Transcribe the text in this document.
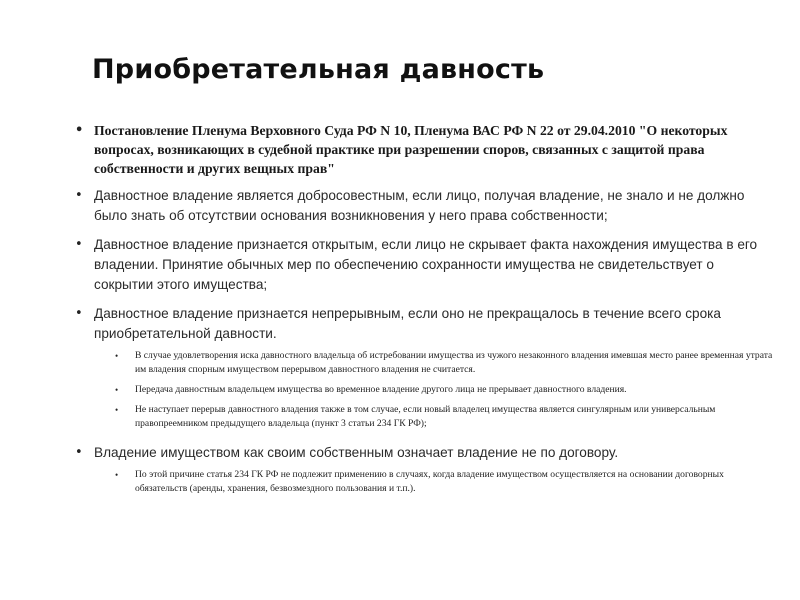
Приобретательная давность
• Постановление Пленума Верховного Суда РФ N 10, Пленума ВАС РФ N 22 от 29.04.2010 "О некоторых вопросах, возникающих в судебной практике при разрешении споров, связанных с защитой права собственности и других вещных прав"
• Давностное владение является добросовестным, если лицо, получая владение, не знало и не должно было знать об отсутствии основания возникновения у него права собственности;
• Давностное владение признается открытым, если лицо не скрывает факта нахождения имущества в его владении. Принятие обычных мер по обеспечению сохранности имущества не свидетельствует о сокрытии этого имущества;
• Давностное владение признается непрерывным, если оно не прекращалось в течение всего срока приобретательной давности.
• В случае удовлетворения иска давностного владельца об истребовании имущества из чужого незаконного владения имевшая место ранее временная утрата им владения спорным имуществом перерывом давностного владения не считается.
• Передача давностным владельцем имущества во временное владение другого лица не прерывает давностного владения.
• Не наступает перерыв давностного владения также в том случае, если новый владелец имущества является сингулярным или универсальным правопреемником предыдущего владельца (пункт 3 статьи 234 ГК РФ);
• Владение имуществом как своим собственным означает владение не по договору.
• По этой причине статья 234 ГК РФ не подлежит применению в случаях, когда владение имуществом осуществляется на основании договорных обязательств (аренды, хранения, безвозмездного пользования и т.п.).
